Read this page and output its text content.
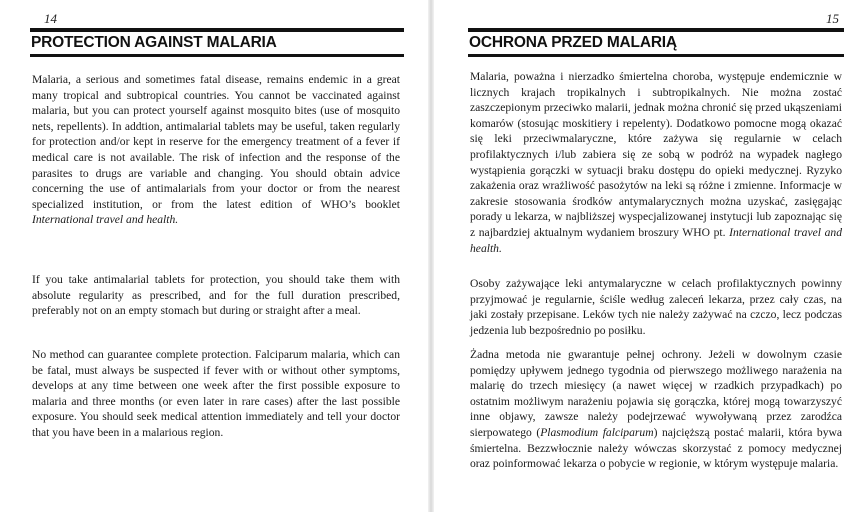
14
PROTECTION AGAINST MALARIA

Malaria, a serious and sometimes fatal disease, remains endemic in a great many tropical and subtropical countries. You cannot be vaccinated against malaria, but you can protect yourself against mosquito bites (use of mosquito nets, repellents). In addtion, antimalarial tablets may be useful, taken regularly for protection and/or kept in reserve for the emergency treatment of a fever if medical care is not available. The risk of infection and the response of the parasites to drugs are variable and changing. You should obtain advice concerning the use of antimalarials from your doctor or from the nearest specialized institution, or from the latest edition of WHO’s booklet International travel and health.

If you take antimalarial tablets for protection, you should take them with absolute regularity as prescribed, and for the full duration prescribed, preferably not on an empty stomach but during or straight after a meal.

No method can guarantee complete protection. Falciparum malaria, which can be fatal, must always be suspected if fever with or without other symptoms, develops at any time between one week after the first possible exposure to malaria and three months (or even later in rare cases) after the last possible exposure. You should seek medical attention immediately and tell your doctor that you have been in a malarious region.

15
OCHRONA PRZED MALARIĄ

Malaria, poważna i nierzadko śmiertelna choroba, występuje endemicznie w licznych krajach tropikalnych i subtropikalnych. Nie można zostać zaszczepionym przeciwko malarii, jednak można chronić się przed ukąszeniami komarów (stosując moskitiery i repelenty). Dodatkowo pomocne mogą okazać się leki przeciwmalaryczne, które zażywa się regularnie w celach profilaktycznych i/lub zabiera się ze sobą w podróż na wypadek nagłego wystąpienia gorączki w sytuacji braku dostępu do opieki medycznej. Ryzyko zakażenia oraz wrażliwość pasożytów na leki są różne i zmienne. Informacje w zakresie stosowania środków antymalarycznych można uzyskać, zasięgając porady u lekarza, w najbliższej wyspecjalizowanej instytucji lub zapoznając się z najbardziej aktualnym wydaniem broszury WHO pt. International travel and health.

Osoby zażywające leki antymalaryczne w celach profilaktycznych powinny przyjmować je regularnie, ściśle według zaleceń lekarza, przez cały czas, na jaki zostały przepisane. Leków tych nie należy zażywać na czczo, lecz podczas jedzenia lub bezpośrednio po posiłku.

Żadna metoda nie gwarantuje pełnej ochrony. Jeżeli w dowolnym czasie pomiędzy upływem jednego tygodnia od pierwszego możliwego narażenia na malarię do trzech miesięcy (a nawet więcej w rzadkich przypadkach) po ostatnim możliwym narażeniu pojawia się gorączka, której mogą towarzyszyć inne objawy, zawsze należy podejrzewać wywoływaną przez zarodźca sierpowatego (Plasmodium falciparum) najcięższą postać malarii, która bywa śmiertelna. Bezzwłocznie należy wówczas skorzystać z pomocy medycznej oraz poinformować lekarza o pobycie w regionie, w którym występuje malaria.
